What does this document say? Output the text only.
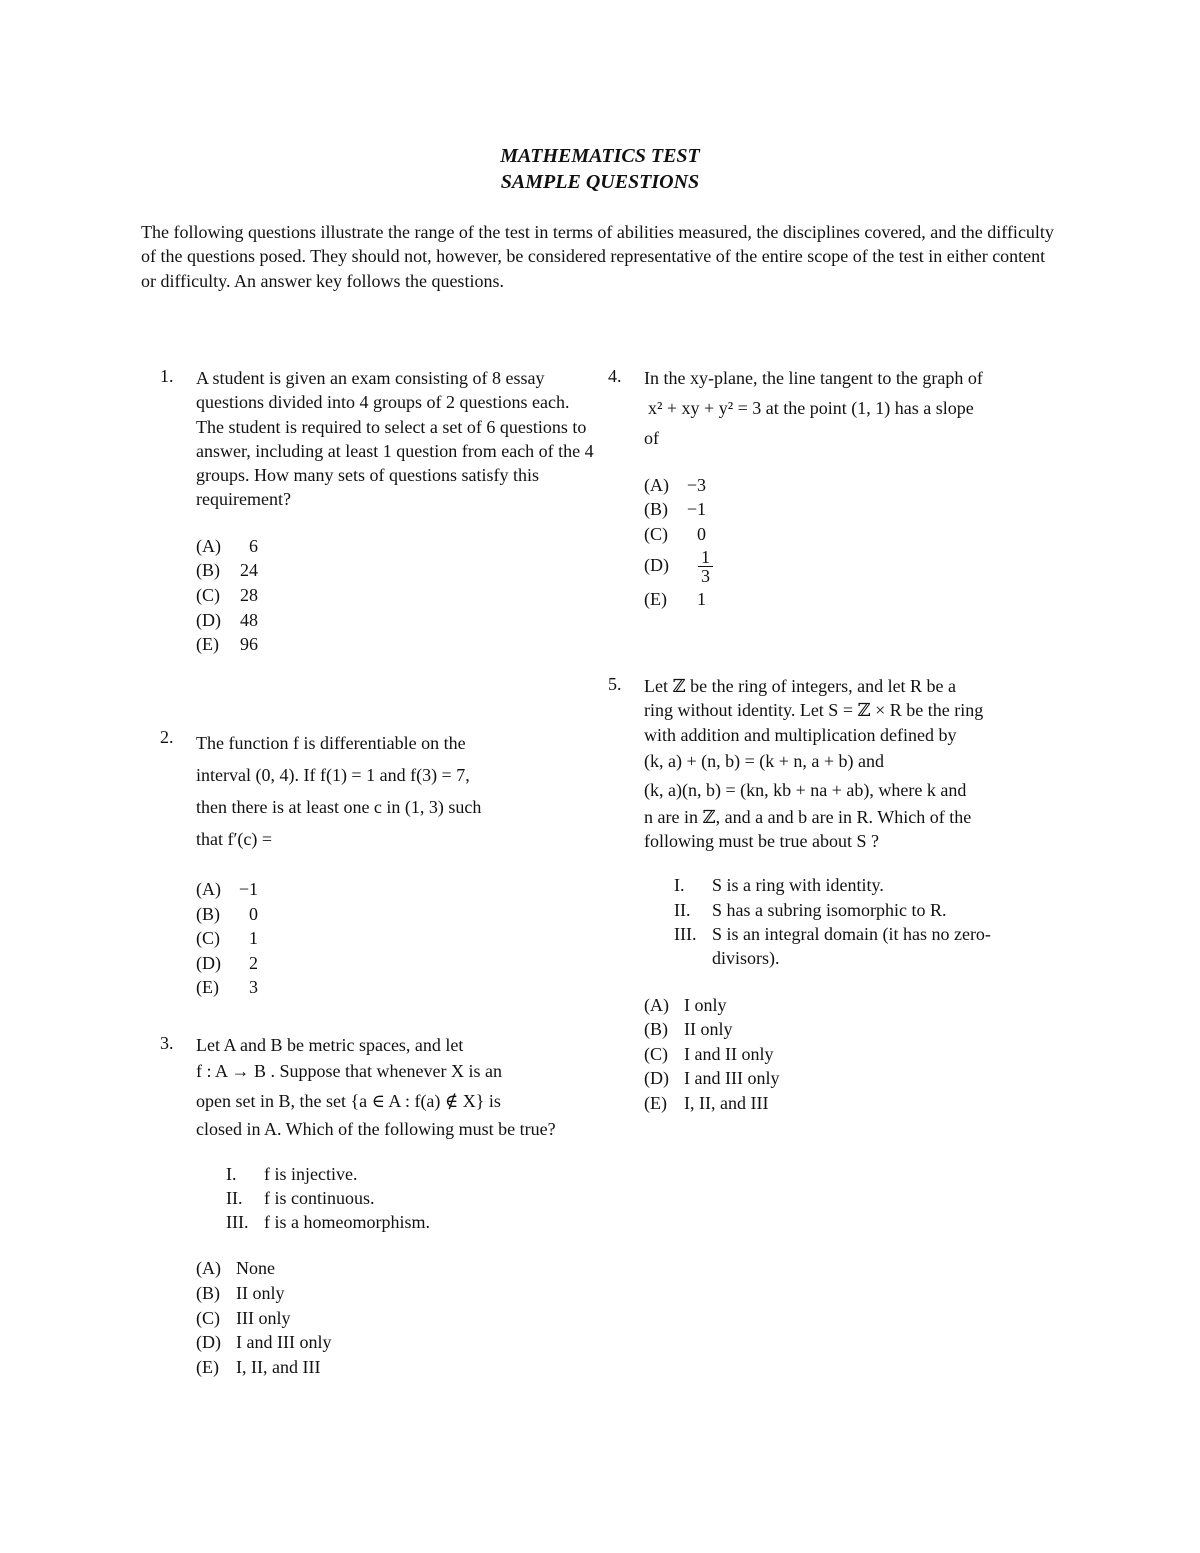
MATHEMATICS TEST
SAMPLE QUESTIONS
The following questions illustrate the range of the test in terms of abilities measured, the disciplines covered, and the difficulty of the questions posed. They should not, however, be considered representative of the entire scope of the test in either content or difficulty. An answer key follows the questions.
1. A student is given an exam consisting of 8 essay questions divided into 4 groups of 2 questions each. The student is required to select a set of 6 questions to answer, including at least 1 question from each of the 4 groups. How many sets of questions satisfy this requirement?
(A) 6
(B) 24
(C) 28
(D) 48
(E) 96
2. The function f is differentiable on the
interval (0, 4). If f(1) = 1 and f(3) = 7,
then there is at least one c in (1, 3) such
that f′(c) =
(A) −1
(B) 0
(C) 1
(D) 2
(E) 3
3. Let A and B be metric spaces, and let
f : A → B . Suppose that whenever X is an
open set in B, the set {a ∈ A : f(a) ∉ X} is
closed in A. Which of the following must be true?
I. f is injective.
II. f is continuous.
III. f is a homeomorphism.
(A) None
(B) II only
(C) III only
(D) I and III only
(E) I, II, and III
4. In the xy-plane, the line tangent to the graph of
x² + xy + y² = 3 at the point (1, 1) has a slope
of
(A) −3
(B) −1
(C) 0
$(D) \frac{1}{3}$
(E) 1
5. Let ℤ be the ring of integers, and let R be a
ring without identity. Let S = ℤ × R be the ring
with addition and multiplication defined by
(k, a) + (n, b) = (k + n, a + b) and
(k, a)(n, b) = (kn, kb + na + ab), where k and
n are in ℤ, and a and b are in R. Which of the
following must be true about S ?
I. S is a ring with identity.
II. S has a subring isomorphic to R.
III. S is an integral domain (it has no zero-divisors).
(A) I only
(B) II only
(C) I and II only
(D) I and III only
(E) I, II, and III
